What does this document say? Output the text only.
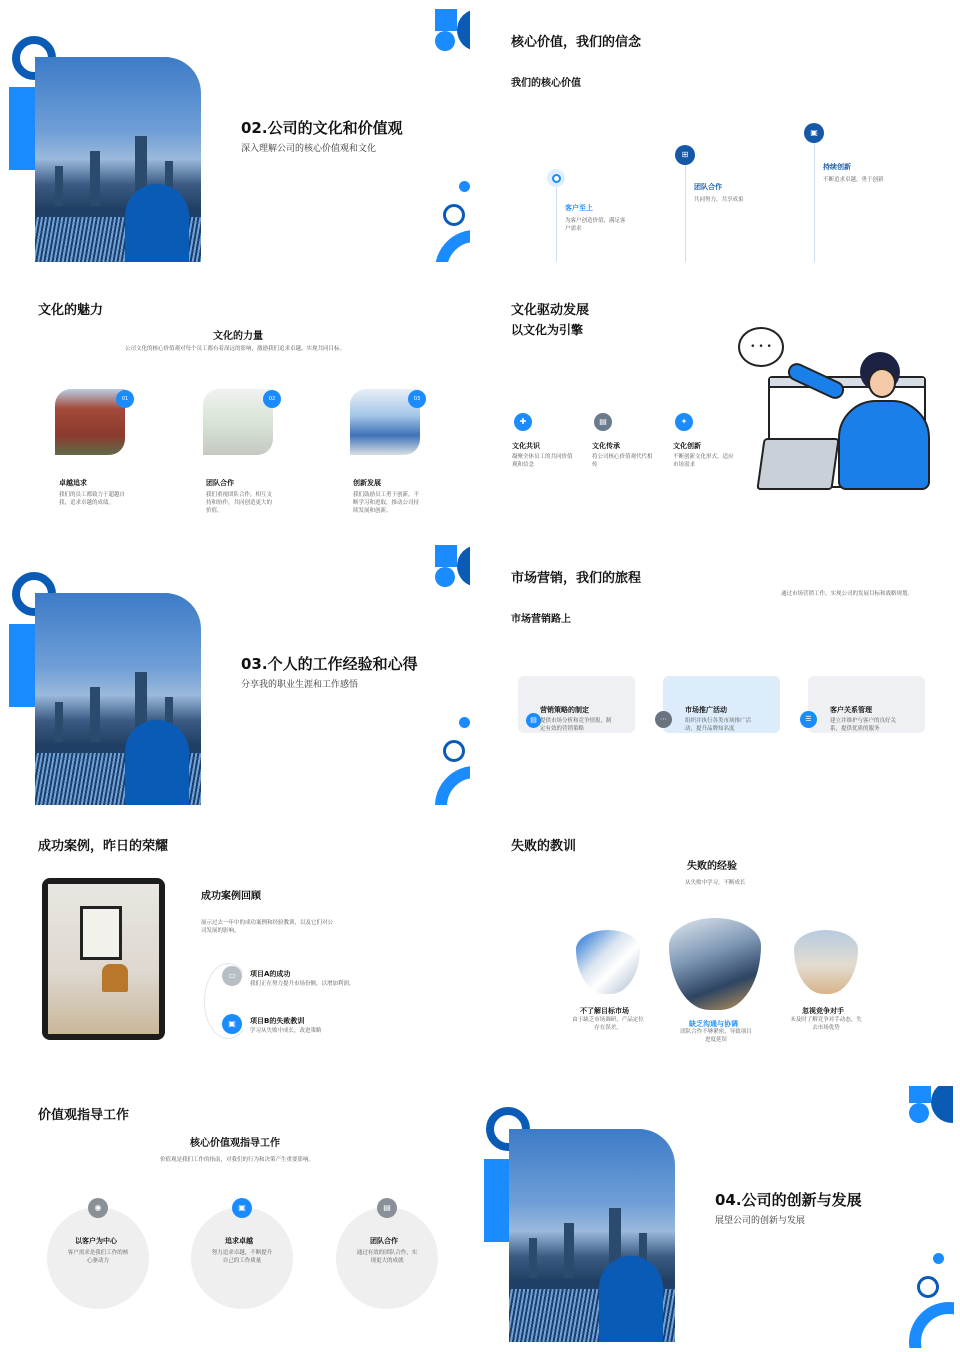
02.公司的文化和价值观
深入理解公司的核心价值观和文化
核心价值，我们的信念
我们的核心价值
客户至上
为客户创造价值，满足客户需求
⊞
团队合作
共同努力，共享成果
▣
持续创新
不断追求卓越，勇于创新
文化的魅力
文化的力量
公司文化的核心价值观对每个员工都有着深远的影响，激励我们追求卓越，实现共同目标。
01
卓越追求
我们的员工都致力于超越自我，追求卓越的成绩。
02
团队合作
我们重视团队合作，相互支持和协作，共同创造更大的价值。
03
创新发展
我们鼓励员工勇于创新，不断学习和进取，推动公司持续发展和创新。
文化驱动发展
以文化为引擎
✚
文化共识
凝聚全体员工的共同价值观和信念
▤
文化传承
将公司核心价值观代代相传
✦
文化创新
不断创新文化形式，适应市场需求
• • •
03.个人的工作经验和心得
分享我的职业生涯和工作感悟
市场营销，我们的旅程
通过市场营销工作，实现公司的发展目标和战略规划。
市场营销路上
▤
营销策略的制定
提供市场分析和竞争情报，制定有效的营销策略
⋯
市场推广活动
组织并执行各类市场推广活动，提升品牌知名度
☰
客户关系管理
建立并维护与客户的良好关系，提供优质的服务
成功案例，昨日的荣耀
成功案例回顾
展示过去一年中的成功案例和经验教训，以及它们对公司发展的影响。
▭ 项目A的成功
我们正在努力提升市场份额，以增加利润。
▣ 项目B的失败教训
学习从失败中成长，改进策略
失败的教训
失败的经验
从失败中学习，不断成长
不了解目标市场
由于缺乏市场调研，产品定位存在误差。	缺乏沟通与协调
团队合作不够紧密，导致项目进度延误
忽视竞争对手
未及时了解竞争对手动态，失去市场优势
价值观指导工作
核心价值观指导工作
价值观是我们工作的指南，对我们的行为和决策产生重要影响。
◉
以客户为中心
客户需求是我们工作的核心驱动力
▣
追求卓越
努力追求卓越，不断提升自己的工作质量
▤
团队合作
通过有效的团队合作，实现更大的成就
04.公司的创新与发展
展望公司的创新与发展
